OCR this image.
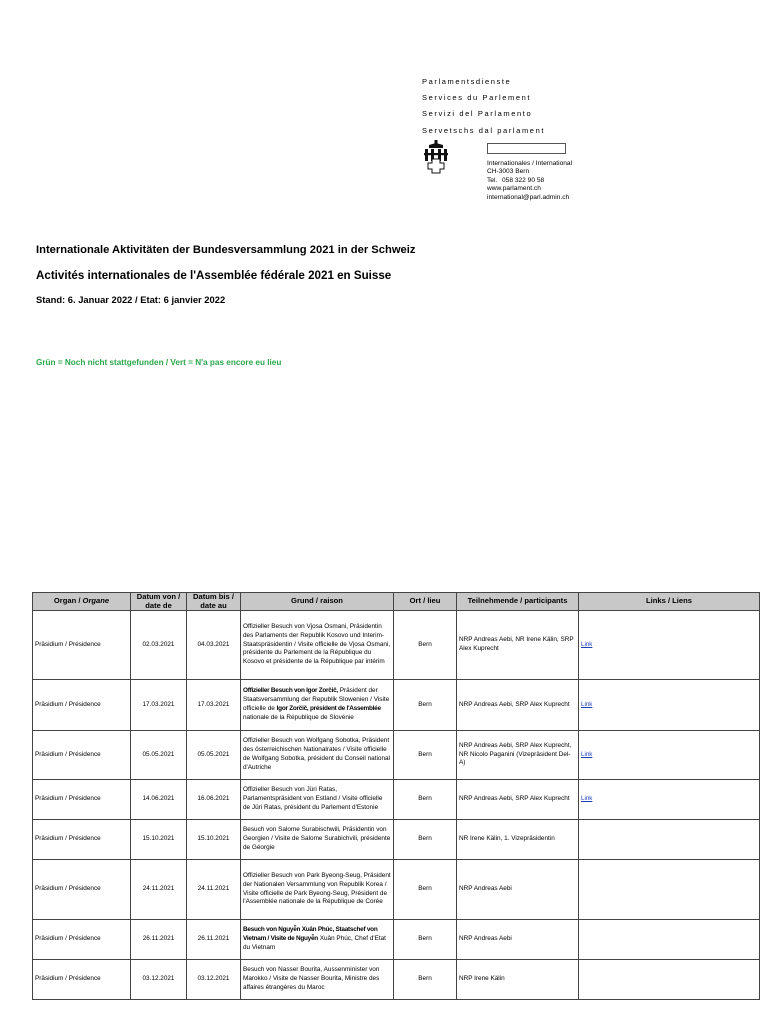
Parlamentsdienste
Services du Parlement
Servizi del Parlamento
Servetschs dal parlament
Internationales / International
CH-3003 Bern
Tel. 058 322 90 58
www.parlament.ch
international@parl.admin.ch
Internationale Aktivitäten der Bundesversammlung 2021 in der Schweiz
Activités internationales de l'Assemblée fédérale 2021 en Suisse
Stand: 6. Januar 2022 / Etat: 6 janvier 2022
Grün = Noch nicht stattgefunden / Vert = N'a pas encore eu lieu
Organ / Organe	Datum von / date de	Datum bis / date au	Grund / raison	Ort / lieu	Teilnehmende / participants	Links / Liens
Präsidium / Présidence	02.03.2021	04.03.2021	Offizieller Besuch von Vjosa Osmani, Präsidentin des Parlaments der Republik Kosovo und Interim-Staatspräsidentin / Visite officielle de Vjosa Osmani, présidente du Parlement de la République du Kosovo et présidente de la République par intérim	Bern	NRP Andreas Aebi, NR Irene Kälin, SRP Alex Kuprecht	Link
Präsidium / Présidence	17.03.2021	17.03.2021	Offizieller Besuch von Igor Zorčič, Präsident der Staatsversammlung der Republik Slowenien / Visite officielle de Igor Zorčič, président de l'Assemblée nationale de la République de Slovénie	Bern	NRP Andreas Aebi, SRP Alex Kuprecht	Link
Präsidium / Présidence	05.05.2021	05.05.2021	Offizieller Besuch von Wolfgang Sobotka, Präsident des österreichischen Nationalrates / Visite officielle de Wolfgang Sobotka, président du Conseil national d'Autriche	Bern	NRP Andreas Aebi, SRP Alex Kuprecht, NR Nicolo Paganini (Vizepräsident Del-A)	Link
Präsidium / Présidence	14.06.2021	16.06.2021	Offizieller Besuch von Jüri Ratas, Parlamentspräsident von Estland / Visite officielle de Jüri Ratas, président du Parlement d'Estonie	Bern	NRP Andreas Aebi, SRP Alex Kuprecht	Link
Präsidium / Présidence	15.10.2021	15.10.2021	Besuch von Salome Surabischwili, Präsidentin von Georgien / Visite de Salome Surabichvili, présidente de Géorgie	Bern	NR Irene Kälin, 1. Vizepräsidentin	
Präsidium / Présidence	24.11.2021	24.11.2021	Offizieller Besuch von Park Byeong-Seug, Präsident der Nationalen Versammlung von Republik Korea / Visite officielle de Park Byeong-Seug, Président de l'Assemblée nationale de la République de Corée	Bern	NRP Andreas Aebi	
Präsidium / Présidence	26.11.2021	26.11.2021	Besuch von Nguyễn Xuân Phúc, Staatschef von Vietnam / Visite de Nguyễn Xuân Phúc, Chef d'Etat du Vietnam	Bern	NRP Andreas Aebi	
Präsidium / Présidence	03.12.2021	03.12.2021	Besuch von Nasser Bourita, Aussenminister von Marokko / Visite de Nasser Bourita, Ministre des affaires étrangères du Maroc	Bern	NRP Irene Kälin	
